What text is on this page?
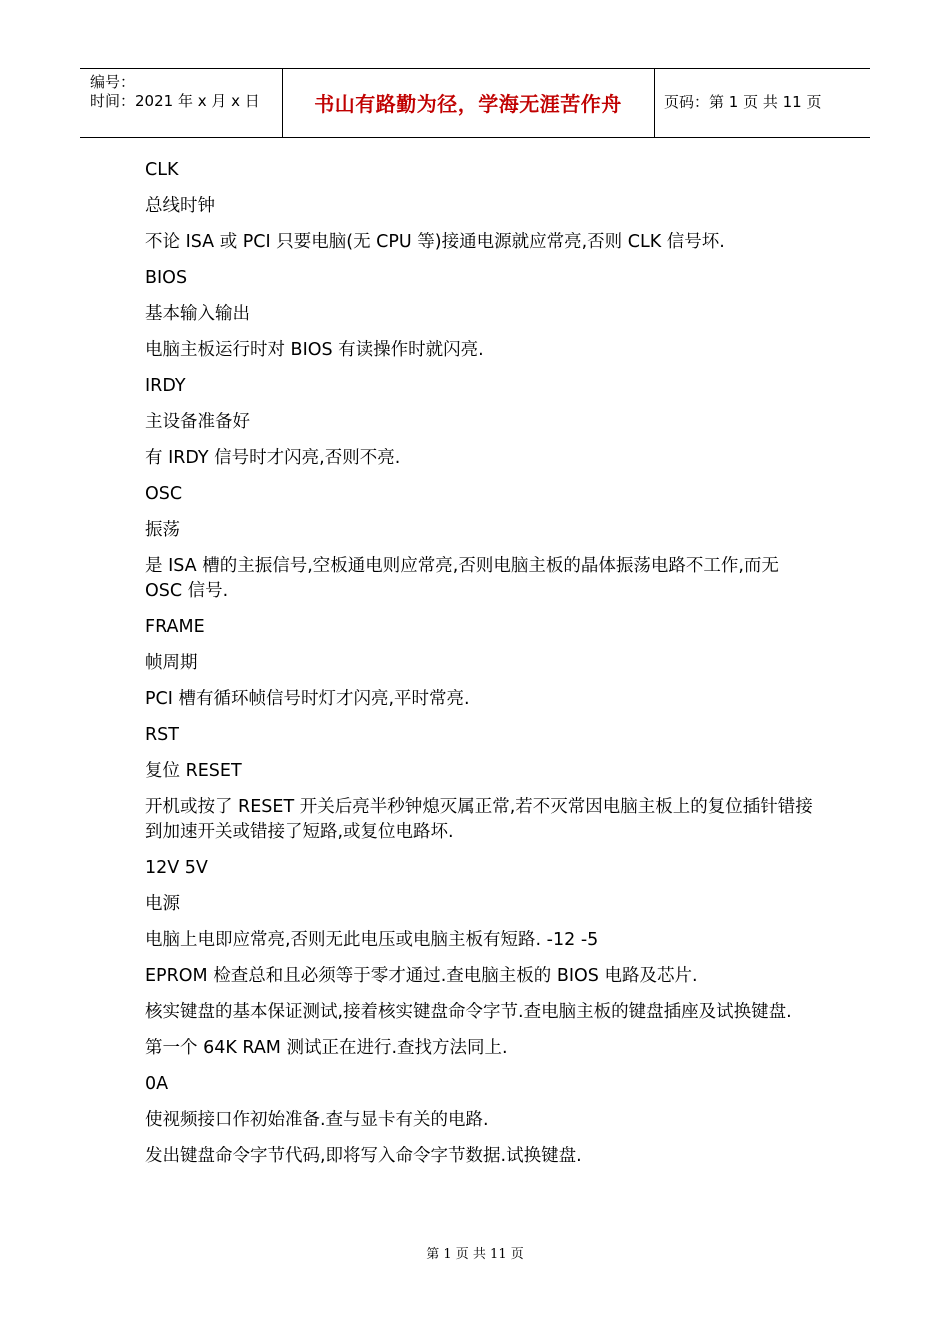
编号：
时间：2021 年 x 月 x 日	书山有路勤为径，学海无涯苦作舟	页码：第 1 页 共 11 页

CLK

总线时钟

不论 ISA 或 PCI 只要电脑(无 CPU 等)接通电源就应常亮,否则 CLK 信号坏.

BIOS

基本输入输出

电脑主板运行时对 BIOS 有读操作时就闪亮.

IRDY

主设备准备好

有 IRDY 信号时才闪亮,否则不亮.

OSC

振荡

是 ISA 槽的主振信号,空板通电则应常亮,否则电脑主板的晶体振荡电路不工作,而无 OSC 信号.

FRAME

帧周期

PCI 槽有循环帧信号时灯才闪亮,平时常亮.

RST

复位 RESET

开机或按了 RESET 开关后亮半秒钟熄灭属正常,若不灭常因电脑主板上的复位插针错接到加速开关或错接了短路,或复位电路坏.

12V 5V

电源

电脑上电即应常亮,否则无此电压或电脑主板有短路. -12 -5

EPROM 检查总和且必须等于零才通过.查电脑主板的 BIOS 电路及芯片.

核实键盘的基本保证测试,接着核实键盘命令字节.查电脑主板的键盘插座及试换键盘.

第一个 64K RAM 测试正在进行.查找方法同上.

0A

使视频接口作初始准备.查与显卡有关的电路.

发出键盘命令字节代码,即将写入命令字节数据.试换键盘.

第 1 页 共 11 页
